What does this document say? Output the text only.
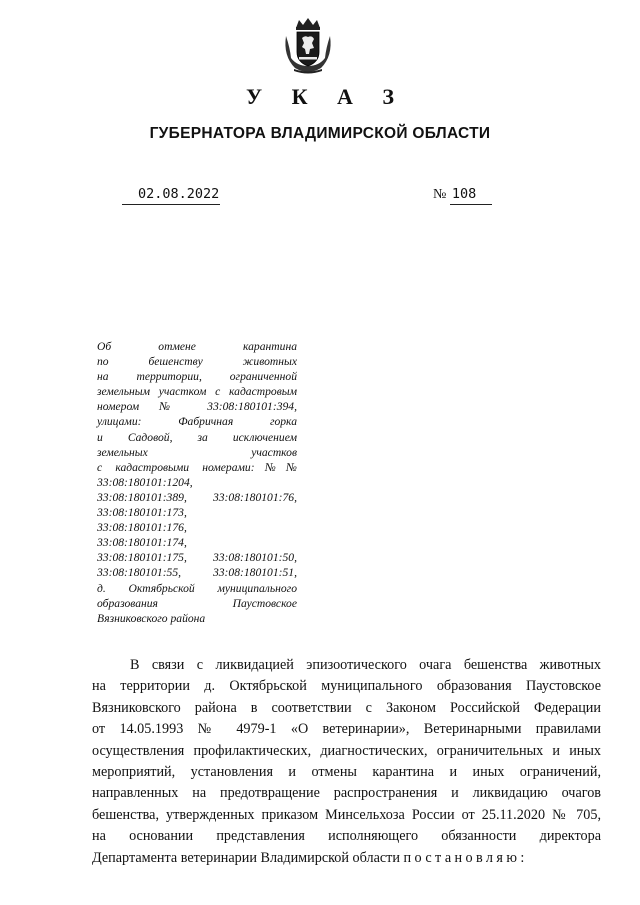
У К А З
ГУБЕРНАТОРА ВЛАДИМИРСКОЙ ОБЛАСТИ
02.08.2022	№ 108
Об отмене карантина
по бешенству животных
на территории, ограниченной
земельным участком с кадастровым
номером № 33:08:180101:394,
улицами: Фабричная горка
и Садовой, за исключением
земельных участков
с кадастровыми номерами:№№
33:08:180101:1204,
33:08:180101:389, 33:08:180101:76,
33:08:180101:173,
33:08:180101:176,
33:08:180101:174,
33:08:180101:175, 33:08:180101:50,
33:08:180101:55, 33:08:180101:51,
д. Октябрьской муниципального
образования Паустовское
Вязниковского района
В связи с ликвидацией эпизоотического очага бешенства животных
на территории д. Октябрьской муниципального образования Паустовское
Вязниковского района в соответствии с Законом Российской Федерации
от 14.05.1993 № 4979-1 «О ветеринарии», Ветеринарными правилами
осуществления профилактических, диагностических, ограничительных и иных
мероприятий, установления и отмены карантина и иных ограничений,
направленных на предотвращение распространения и ликвидацию очагов
бешенства, утвержденных приказом Минсельхоза России от 25.11.2020 № 705,
на основании представления исполняющего обязанности директора
Департамента ветеринарии Владимирской области постановляю:
